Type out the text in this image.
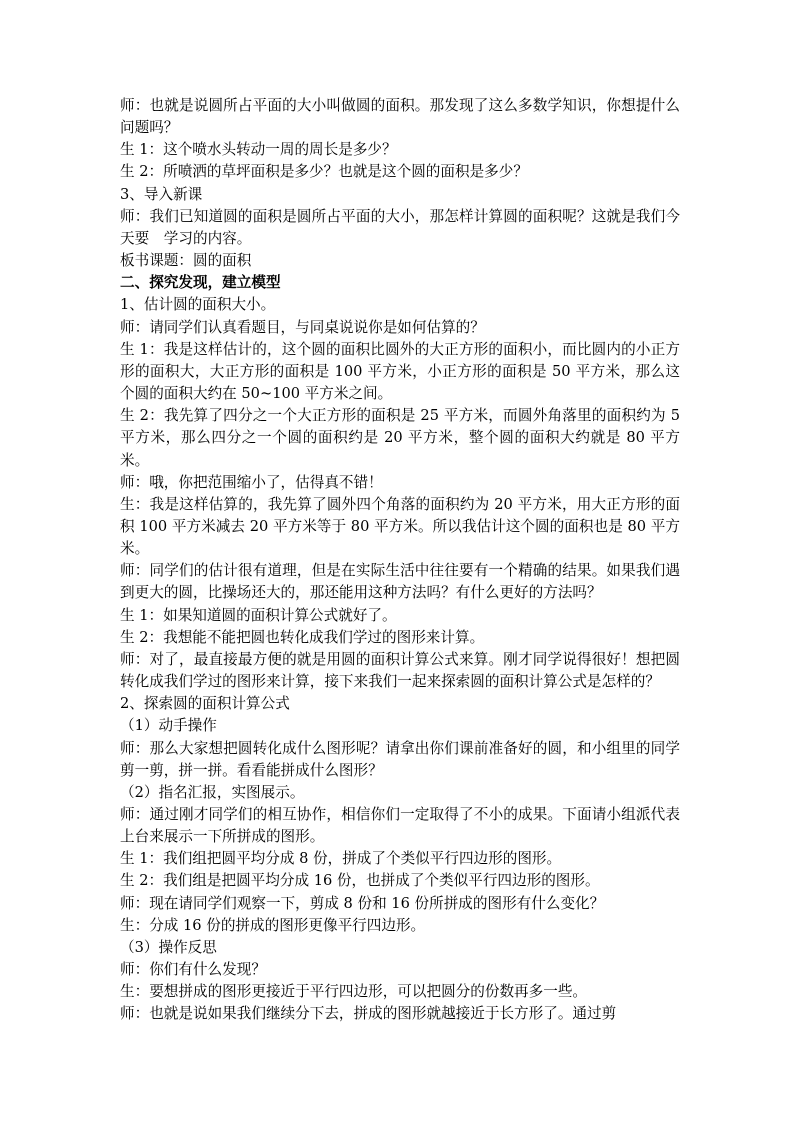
师：也就是说圆所占平面的大小叫做圆的面积。那发现了这么多数学知识，你想提什么问题吗？

生 1：这个喷水头转动一周的周长是多少？

生 2：所喷洒的草坪面积是多少？也就是这个圆的面积是多少？

3、导入新课

师：我们已知道圆的面积是圆所占平面的大小，那怎样计算圆的面积呢？这就是我们今天要　学习的内容。

板书课题：圆的面积

二、探究发现，建立模型

1、估计圆的面积大小。

师：请同学们认真看题目，与同桌说说你是如何估算的？

生 1：我是这样估计的，这个圆的面积比圆外的大正方形的面积小，而比圆内的小正方形的面积大，大正方形的面积是 100 平方米，小正方形的面积是 50 平方米，那么这个圆的面积大约在 50~100 平方米之间。

生 2：我先算了四分之一个大正方形的面积是 25 平方米，而圆外角落里的面积约为 5 平方米，那么四分之一个圆的面积约是 20 平方米，整个圆的面积大约就是 80 平方米。

师：哦，你把范围缩小了，估得真不错！

生：我是这样估算的，我先算了圆外四个角落的面积约为 20 平方米，用大正方形的面积 100 平方米减去 20 平方米等于 80 平方米。所以我估计这个圆的面积也是 80 平方米。

师：同学们的估计很有道理，但是在实际生活中往往要有一个精确的结果。如果我们遇到更大的圆，比操场还大的，那还能用这种方法吗？有什么更好的方法吗？

生 1：如果知道圆的面积计算公式就好了。

生 2：我想能不能把圆也转化成我们学过的图形来计算。

师：对了，最直接最方便的就是用圆的面积计算公式来算。刚才同学说得很好！想把圆转化成我们学过的图形来计算，接下来我们一起来探索圆的面积计算公式是怎样的？

2、探索圆的面积计算公式

（1）动手操作

师：那么大家想把圆转化成什么图形呢？请拿出你们课前准备好的圆，和小组里的同学剪一剪，拼一拼。看看能拼成什么图形？

（2）指名汇报，实图展示。

师：通过刚才同学们的相互协作，相信你们一定取得了不小的成果。下面请小组派代表上台来展示一下所拼成的图形。

生 1：我们组把圆平均分成 8 份，拼成了个类似平行四边形的图形。

生 2：我们组是把圆平均分成 16 份，也拼成了个类似平行四边形的图形。

师：现在请同学们观察一下，剪成 8 份和 16 份所拼成的图形有什么变化？

生：分成 16 份的拼成的图形更像平行四边形。

（3）操作反思

师：你们有什么发现？

生：要想拼成的图形更接近于平行四边形，可以把圆分的份数再多一些。

师：也就是说如果我们继续分下去，拼成的图形就越接近于长方形了。通过剪
